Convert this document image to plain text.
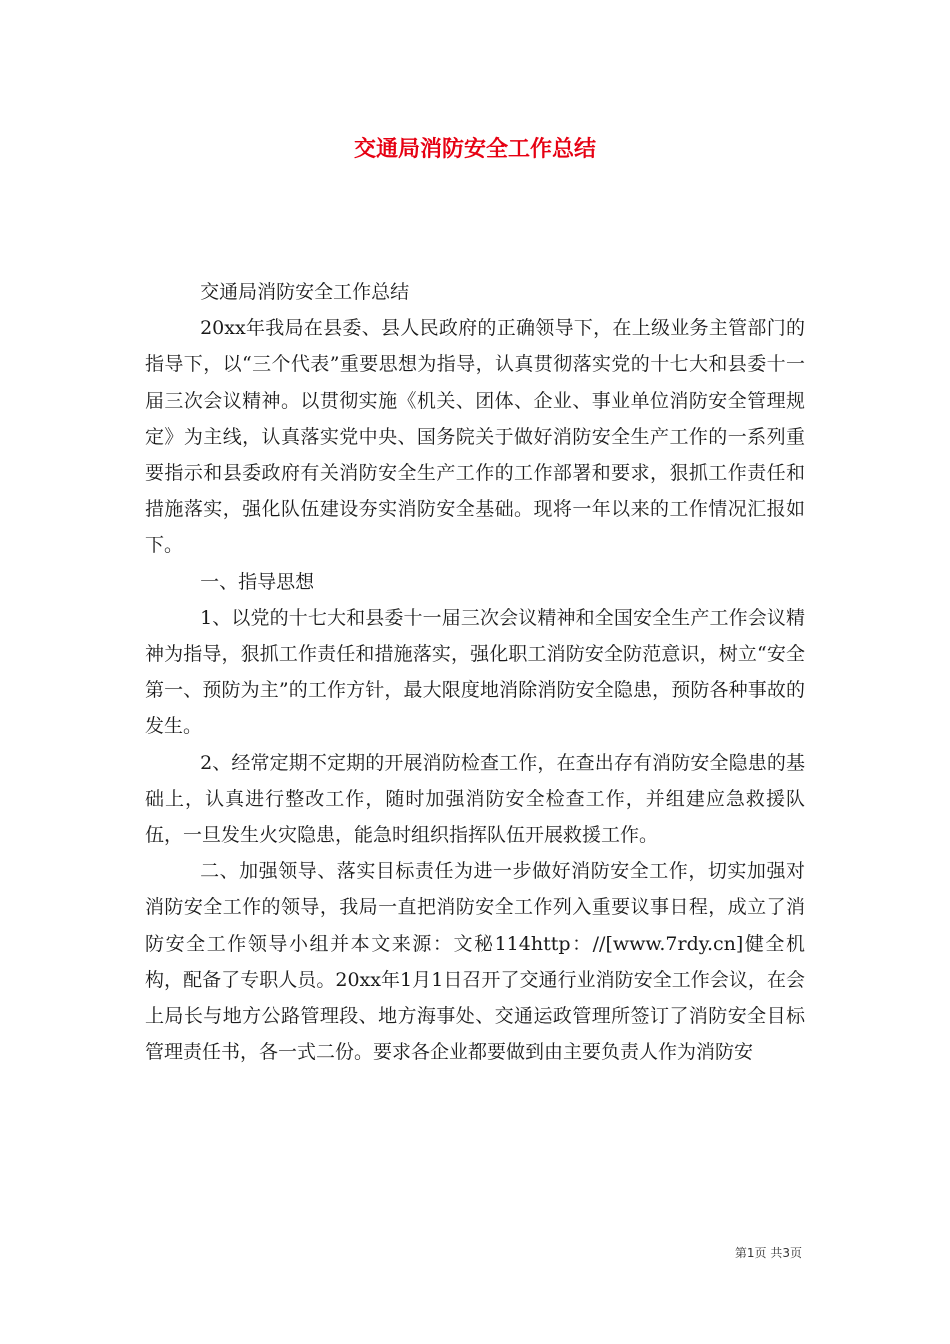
交通局消防安全工作总结

交通局消防安全工作总结

20xx年我局在县委、县人民政府的正确领导下，在上级业务主管部门的指导下，以“三个代表”重要思想为指导，认真贯彻落实党的十七大和县委十一届三次会议精神。以贯彻实施《机关、团体、企业、事业单位消防安全管理规定》为主线，认真落实党中央、国务院关于做好消防安全生产工作的一系列重要指示和县委政府有关消防安全生产工作的工作部署和要求，狠抓工作责任和措施落实，强化队伍建设夯实消防安全基础。现将一年以来的工作情况汇报如下。

一、指导思想

1、以党的十七大和县委十一届三次会议精神和全国安全生产工作会议精神为指导，狠抓工作责任和措施落实，强化职工消防安全防范意识，树立“安全第一、预防为主”的工作方针，最大限度地消除消防安全隐患，预防各种事故的发生。

2、经常定期不定期的开展消防检查工作，在查出存有消防安全隐患的基础上，认真进行整改工作，随时加强消防安全检查工作，并组建应急救援队伍，一旦发生火灾隐患，能急时组织指挥队伍开展救援工作。

二、加强领导、落实目标责任为进一步做好消防安全工作，切实加强对消防安全工作的领导，我局一直把消防安全工作列入重要议事日程，成立了消防安全工作领导小组并本文来源：文秘114http：//[www.7rdy.cn]健全机构，配备了专职人员。20xx年1月1日召开了交通行业消防安全工作会议，在会上局长与地方公路管理段、地方海事处、交通运政管理所签订了消防安全目标管理责任书，各一式二份。要求各企业都要做到由主要负责人作为消防安

第1页 共3页
